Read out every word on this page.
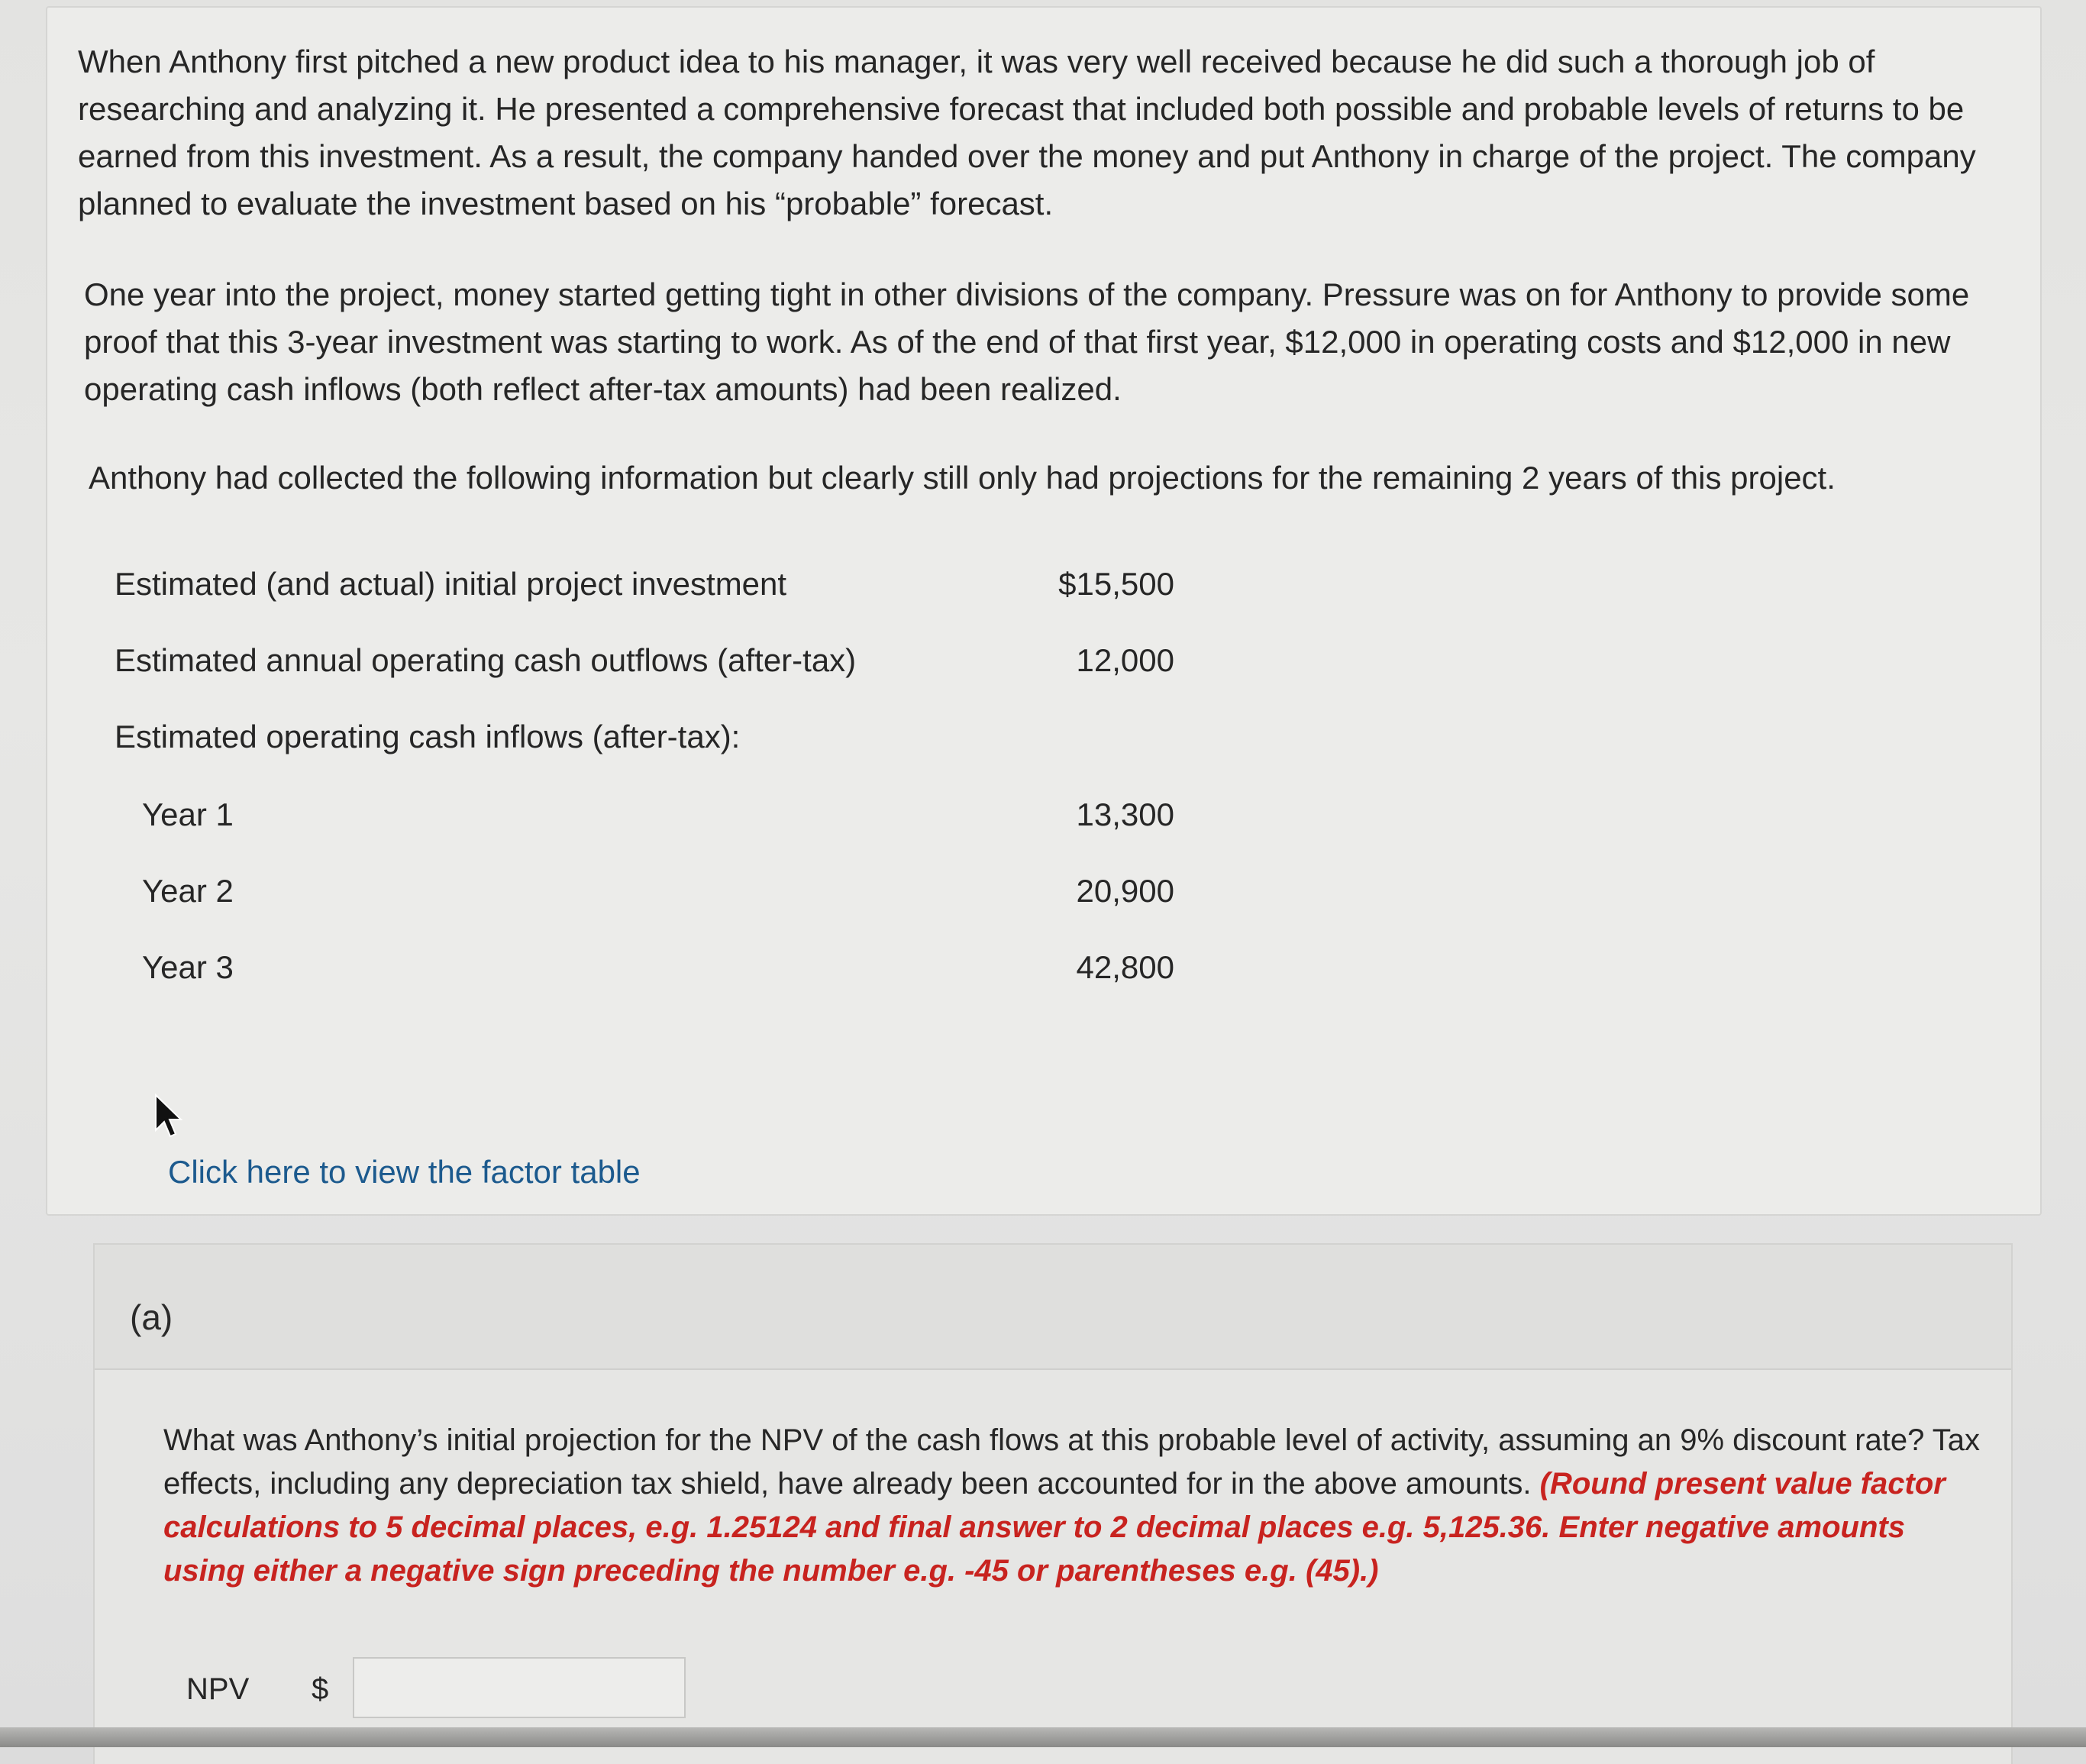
When Anthony first pitched a new product idea to his manager, it was very well received because he did such a thorough job of researching and analyzing it. He presented a comprehensive forecast that included both possible and probable levels of returns to be earned from this investment. As a result, the company handed over the money and put Anthony in charge of the project. The company planned to evaluate the investment based on his “probable” forecast.

One year into the project, money started getting tight in other divisions of the company. Pressure was on for Anthony to provide some proof that this 3-year investment was starting to work. As of the end of that first year, $12,000 in operating costs and $12,000 in new operating cash inflows (both reflect after-tax amounts) had been realized.

Anthony had collected the following information but clearly still only had projections for the remaining 2 years of this project.

Estimated (and actual) initial project investment	$15,500
Estimated annual operating cash outflows (after-tax)	12,000
Estimated operating cash inflows (after-tax):
Year 1	13,300
Year 2	20,900
Year 3	42,800
Click here to view the factor table
(a)
What was Anthony’s initial projection for the NPV of the cash flows at this probable level of activity, assuming an 9% discount rate? Tax effects, including any depreciation tax shield, have already been accounted for in the above amounts. (Round present value factor calculations to 5 decimal places, e.g. 1.25124 and final answer to 2 decimal places e.g. 5,125.36. Enter negative amounts using either a negative sign preceding the number e.g. -45 or parentheses e.g. (45).)
NPV $
